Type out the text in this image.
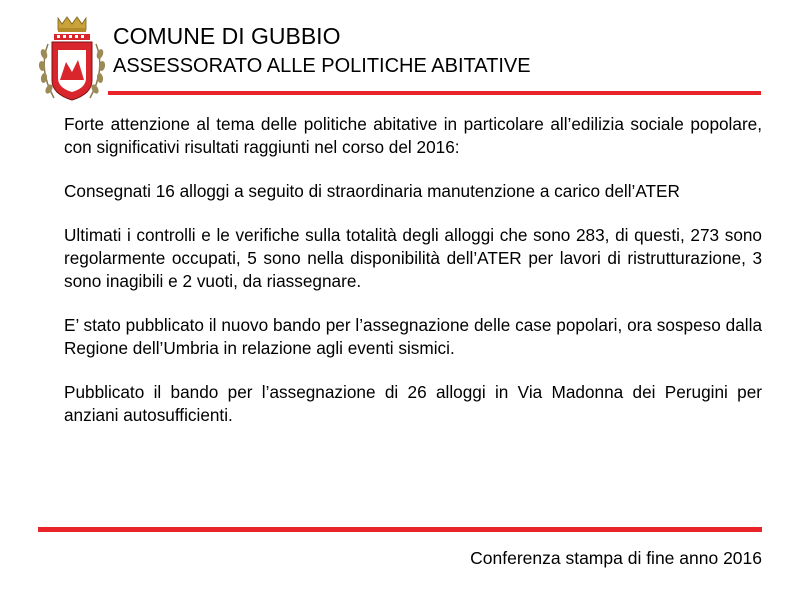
COMUNE DI GUBBIO
ASSESSORATO ALLE POLITICHE ABITATIVE

Forte attenzione al tema delle politiche abitative in particolare all’edilizia sociale popolare, con significativi risultati raggiunti nel corso del 2016:

Consegnati 16 alloggi a seguito di straordinaria manutenzione a carico dell’ATER

Ultimati i controlli e le verifiche sulla totalità degli alloggi che sono 283, di questi, 273 sono regolarmente occupati, 5 sono nella disponibilità dell’ATER per lavori di ristrutturazione, 3 sono inagibili e 2 vuoti, da riassegnare.

E’ stato pubblicato il nuovo bando per l’assegnazione delle case popolari, ora sospeso dalla Regione dell’Umbria in relazione agli eventi sismici.

Pubblicato il bando per l’assegnazione di 26 alloggi in Via Madonna dei Perugini per anziani autosufficienti.

Conferenza stampa di fine anno 2016
